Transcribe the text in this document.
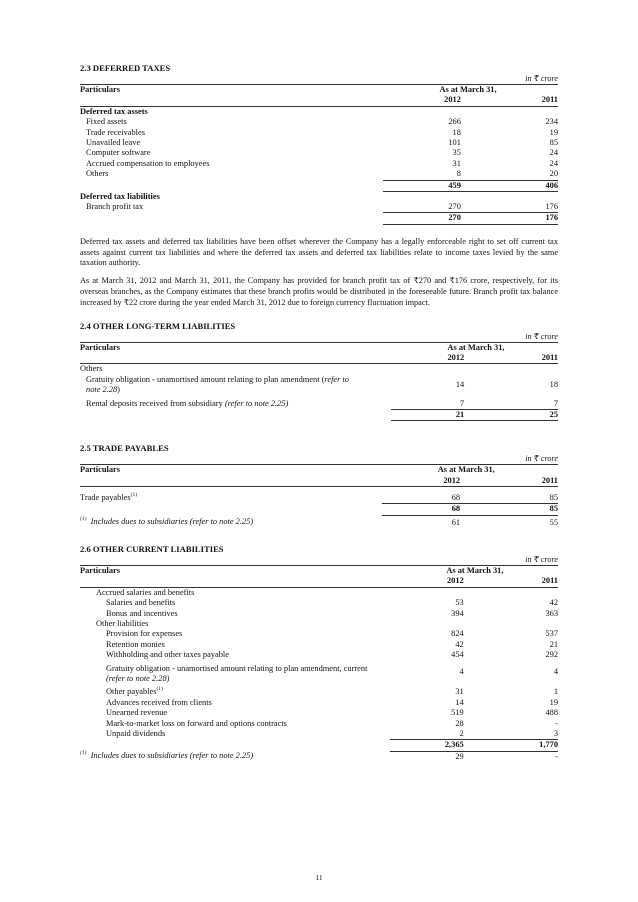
2.3 DEFERRED TAXES
in ₹ crore
Particulars	As at March 31,	
	2012	2011
Deferred tax assets		
Fixed assets	266	234
Trade receivables	18	19
Unavailed leave	101	85
Computer software	35	24
Accrued compensation to employees	31	24
Others	8	20
	459	406
Deferred tax liabilities		
Branch profit tax	270	176
	270	176

Deferred tax assets and deferred tax liabilities have been offset wherever the Company has a legally enforceable right to set off current tax assets against current tax liabilities and where the deferred tax assets and deferred tax liabilities relate to income taxes levied by the same taxation authority.

As at March 31, 2012 and March 31, 2011, the Company has provided for branch profit tax of ₹270 and ₹176 crore, respectively, for its overseas branches, as the Company estimates that these branch profits would be distributed in the foreseeable future. Branch profit tax balance increased by ₹22 crore during the year ended March 31, 2012 due to foreign currency fluctuation impact.

2.4 OTHER LONG-TERM LIABILITIES
in ₹ crore
Particulars	As at March 31,	
	2012	2011
Others		
Gratuity obligation - unamortised amount relating to plan amendment (refer to note 2.28)	14	18
Rental deposits received from subsidiary (refer to note 2.25)	7	7
	21	25
2.5 TRADE PAYABLES
in ₹ crore
Particulars	As at March 31,	
	2012	2011

Trade payables$^{(1)}$	68	85
	68	85
$^{(1)}$ Includes dues to subsidiaries (refer to note 2.25)	61	55
2.6 OTHER CURRENT LIABILITIES
in ₹ crore
Particulars	As at March 31,	
	2012	2011
Accrued salaries and benefits		
Salaries and benefits	53	42
Bonus and incentives	394	363
Other liabilities		
Provision for expenses	824	537
Retention monies	42	21
Withholding and other taxes payable	454	292
Gratuity obligation - unamortised amount relating to plan amendment, current
(refer to note 2.28)	4	4
Other payables$^{(1)}$	31	1
Advances received from clients	14	19
Unearned revenue	519	488
Mark-to-market loss on forward and options contracts	28	-
Unpaid dividends	2	3
	2,365	1,770
$^{(1)}$ Includes dues to subsidiaries (refer to note 2.25)	29	-
11
